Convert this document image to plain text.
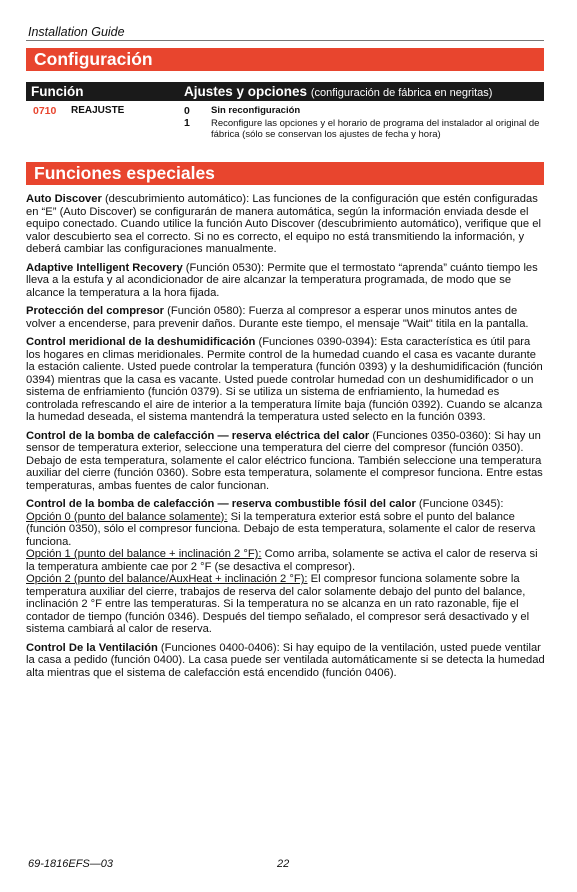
Installation Guide
Configuración
Función	Ajustes y opciones (configuración de fábrica en negritas)
0710 REAJUSTE	0 Sin reconfiguración
1 Reconfigure las opciones y el horario de programa del instalador al original de fábrica (sólo se conservan los ajustes de fecha y hora)
Funciones especiales

Auto Discover (descubrimiento automático): Las funciones de la configuración que estén configuradas en “E” (Auto Discover) se configurarán de manera automática, según la información enviada desde el equipo conectado. Cuando utilice la función Auto Discover (descubrimiento automático), verifique que el valor descubierto sea el correcto. Si no es correcto, el equipo no está transmitiendo la información, y deberá cambiar las configuraciones manualmente.

Adaptive Intelligent Recovery (Función 0530): Permite que el termostato “aprenda” cuánto tiempo les lleva a la estufa y al acondicionador de aire alcanzar la temperatura programada, de modo que se alcance la temperatura a la hora fijada.

Protección del compresor (Función 0580): Fuerza al compresor a esperar unos minutos antes de volver a encenderse, para prevenir daños. Durante este tiempo, el mensaje "Wait" titila en la pantalla.

Control meridional de la deshumidificación (Funciones 0390-0394): Esta característica es útil para los hogares en climas meridionales. Permite control de la humedad cuando el casa es vacante durante la estación caliente. Usted puede controlar la temperatura (función 0393) y la deshumidificación (función 0394) mientras que la casa es vacante. Usted puede controlar humedad con un deshumidificador o un sistema de enfriamiento (función 0379). Si se utiliza un sistema de enfriamiento, la humedad es controlada refrescando el aire de interior a la temperatura límite baja (función 0392). Cuando se alcanza la humedad deseada, el sistema mantendrá la temperatura usted selecto en la función 0393.

Control de la bomba de calefacción — reserva eléctrica del calor (Funciones 0350-0360): Si hay un sensor de temperatura exterior, seleccione una temperatura del cierre del compresor (función 0350). Debajo de esta temperatura, solamente el calor eléctrico funciona. También seleccione una temperatura auxiliar del cierre (función 0360). Sobre esta temperatura, solamente el compresor funciona. Entre estas temperaturas, ambas fuentes de calor funcionan.

Control de la bomba de calefacción — reserva combustible fósil del calor (Funcione 0345):
Opción 0 (punto del balance solamente): Si la temperatura exterior está sobre el punto del balance (función 0350), sólo el compresor funciona. Debajo de esta temperatura, solamente el calor de reserva funciona.
Opción 1 (punto del balance + inclinación 2 °F): Como arriba, solamente se activa el calor de reserva si la temperatura ambiente cae por 2 °F (se desactiva el compresor).
Opción 2 (punto del balance/AuxHeat + inclinación 2 °F): El compresor funciona solamente sobre la temperatura auxiliar del cierre, trabajos de reserva del calor solamente debajo del punto del balance, inclinación 2 °F entre las temperaturas. Si la temperatura no se alcanza en un rato razonable, fije el contador de tiempo (función 0346). Después del tiempo señalado, el compresor será desactivado y el sistema cambiará al calor de reserva.

Control De la Ventilación (Funciones 0400-0406): Si hay equipo de la ventilación, usted puede ventilar la casa a pedido (función 0400). La casa puede ser ventilada automáticamente si se detecta la humedad alta mientras que el sistema de calefacción está encendido (función 0406).

69-1816EFS—03	22
